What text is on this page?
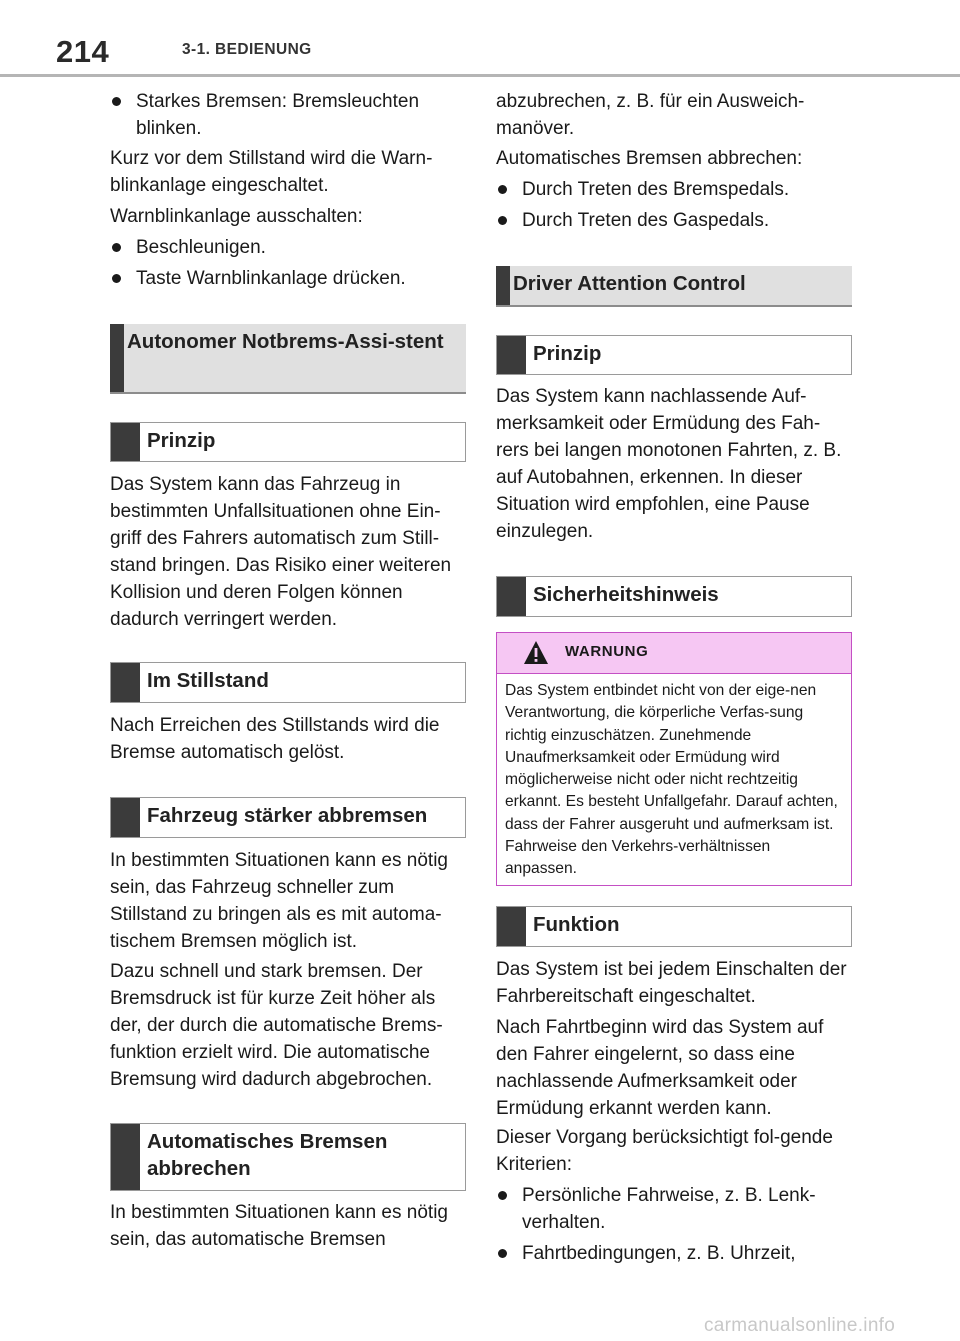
214	3-1. BEDIENUNG
Starkes Bremsen: Bremsleuchten blinken.

Kurz vor dem Stillstand wird die Warn-blinkanlage eingeschaltet.

Warnblinkanlage ausschalten:

Beschleunigen.
Taste Warnblinkanlage drücken.
Autonomer Notbrems-Assi-stent
Prinzip

Das System kann das Fahrzeug in bestimmten Unfallsituationen ohne Ein-griff des Fahrers automatisch zum Still-stand bringen. Das Risiko einer weiteren Kollision und deren Folgen können dadurch verringert werden.

Im Stillstand

Nach Erreichen des Stillstands wird die Bremse automatisch gelöst.

Fahrzeug stärker abbremsen

In bestimmten Situationen kann es nötig sein, das Fahrzeug schneller zum Stillstand zu bringen als es mit automa-tischem Bremsen möglich ist.

Dazu schnell und stark bremsen. Der Bremsdruck ist für kurze Zeit höher als der, der durch die automatische Brems-funktion erzielt wird. Die automatische Bremsung wird dadurch abgebrochen.

Automatisches Bremsen abbrechen

In bestimmten Situationen kann es nötig sein, das automatische Bremsen

abzubrechen, z. B. für ein Ausweich-manöver.

Automatisches Bremsen abbrechen:

Durch Treten des Bremspedals.
Durch Treten des Gaspedals.
Driver Attention Control
Prinzip

Das System kann nachlassende Auf-merksamkeit oder Ermüdung des Fah-rers bei langen monotonen Fahrten, z. B. auf Autobahnen, erkennen. In dieser Situation wird empfohlen, eine Pause einzulegen.

Sicherheitshinweis
WARNUNG
Das System entbindet nicht von der eige-nen Verantwortung, die körperliche Verfas-sung richtig einzuschätzen. Zunehmende Unaufmerksamkeit oder Ermüdung wird möglicherweise nicht oder nicht rechtzeitig erkannt. Es besteht Unfallgefahr. Darauf achten, dass der Fahrer ausgeruht und aufmerksam ist. Fahrweise den Verkehrs-verhältnissen anpassen.
Funktion

Das System ist bei jedem Einschalten der Fahrbereitschaft eingeschaltet.

Nach Fahrtbeginn wird das System auf den Fahrer eingelernt, so dass eine nachlassende Aufmerksamkeit oder Ermüdung erkannt werden kann.

Dieser Vorgang berücksichtigt fol-gende Kriterien:

Persönliche Fahrweise, z. B. Lenk-verhalten.
Fahrtbedingungen, z. B. Uhrzeit,
carmanualsonline.info
